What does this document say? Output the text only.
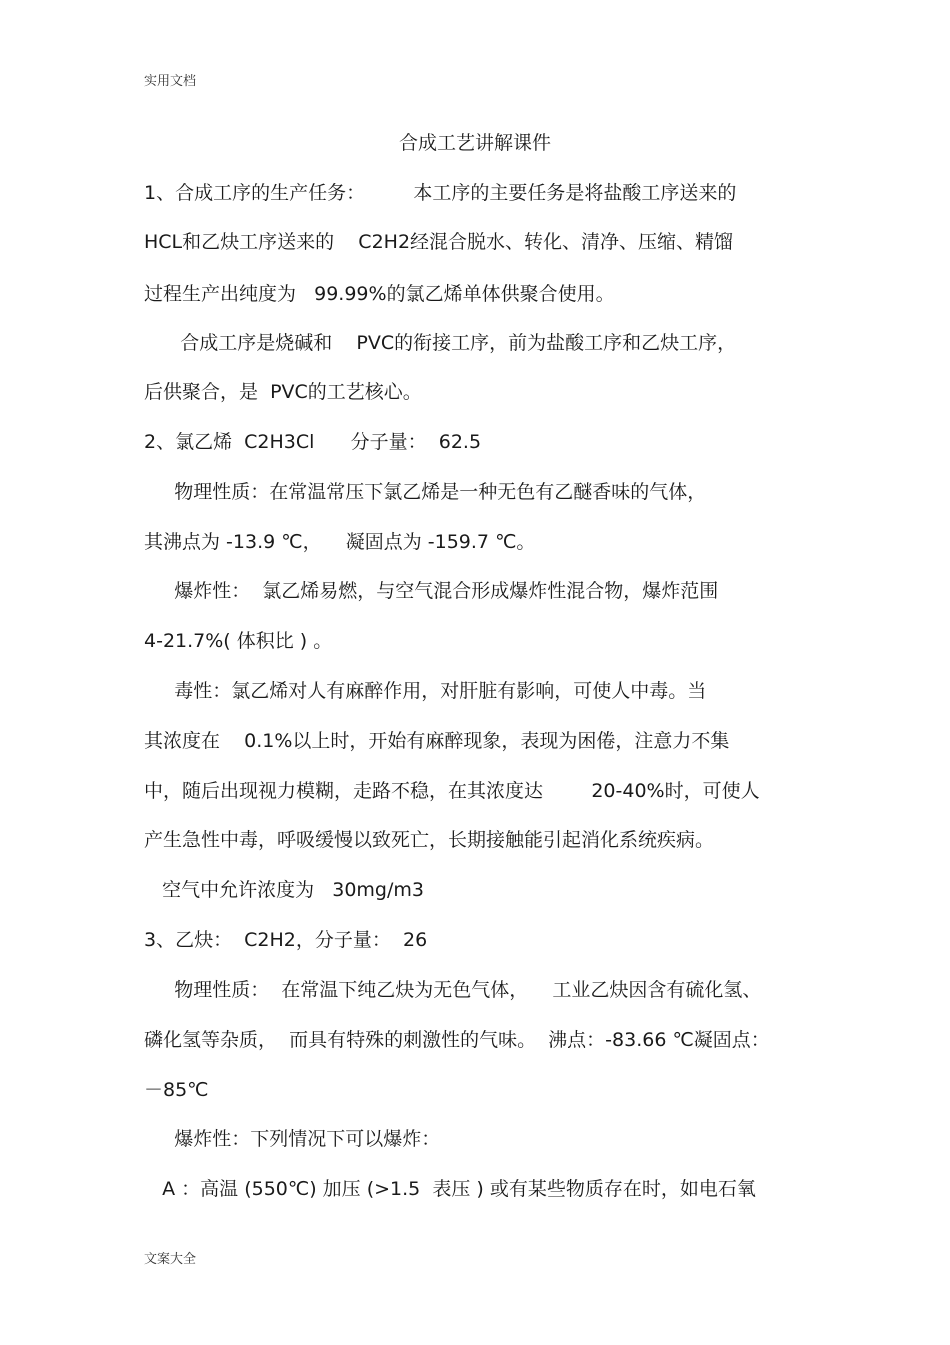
实用文档
合成工艺讲解课件
1、合成工序的生产任务：        本工序的主要任务是将盐酸工序送来的
HCL和乙炔工序送来的    C2H2经混合脱水、转化、清净、压缩、精馏
过程生产出纯度为   99.99%的氯乙烯单体供聚合使用。
合成工序是烧碱和    PVC的衔接工序，前为盐酸工序和乙炔工序，
后供聚合，是  PVC的工艺核心。
2、氯乙烯  C2H3Cl      分子量：  62.5
物理性质：在常温常压下氯乙烯是一种无色有乙醚香味的气体，
其沸点为 -13.9 ℃，    凝固点为 -159.7 ℃。
爆炸性：  氯乙烯易燃，与空气混合形成爆炸性混合物，爆炸范围
4-21.7%( 体积比 ) 。
毒性：氯乙烯对人有麻醉作用，对肝脏有影响，可使人中毒。当
其浓度在    0.1%以上时，开始有麻醉现象，表现为困倦，注意力不集
中，随后出现视力模糊，走路不稳，在其浓度达        20-40%时，可使人
产生急性中毒，呼吸缓慢以致死亡，长期接触能引起消化系统疾病。
空气中允许浓度为   30mg/m3
3、乙炔：  C2H2，分子量：  26
物理性质：  在常温下纯乙炔为无色气体，    工业乙炔因含有硫化氢、
磷化氢等杂质，  而具有特殊的刺激性的气味。  沸点：-83.66 ℃凝固点：
－85℃
爆炸性：下列情况下可以爆炸：
A ：高温 (550℃) 加压 (>1.5  表压 ) 或有某些物质存在时，如电石氧
文案大全
